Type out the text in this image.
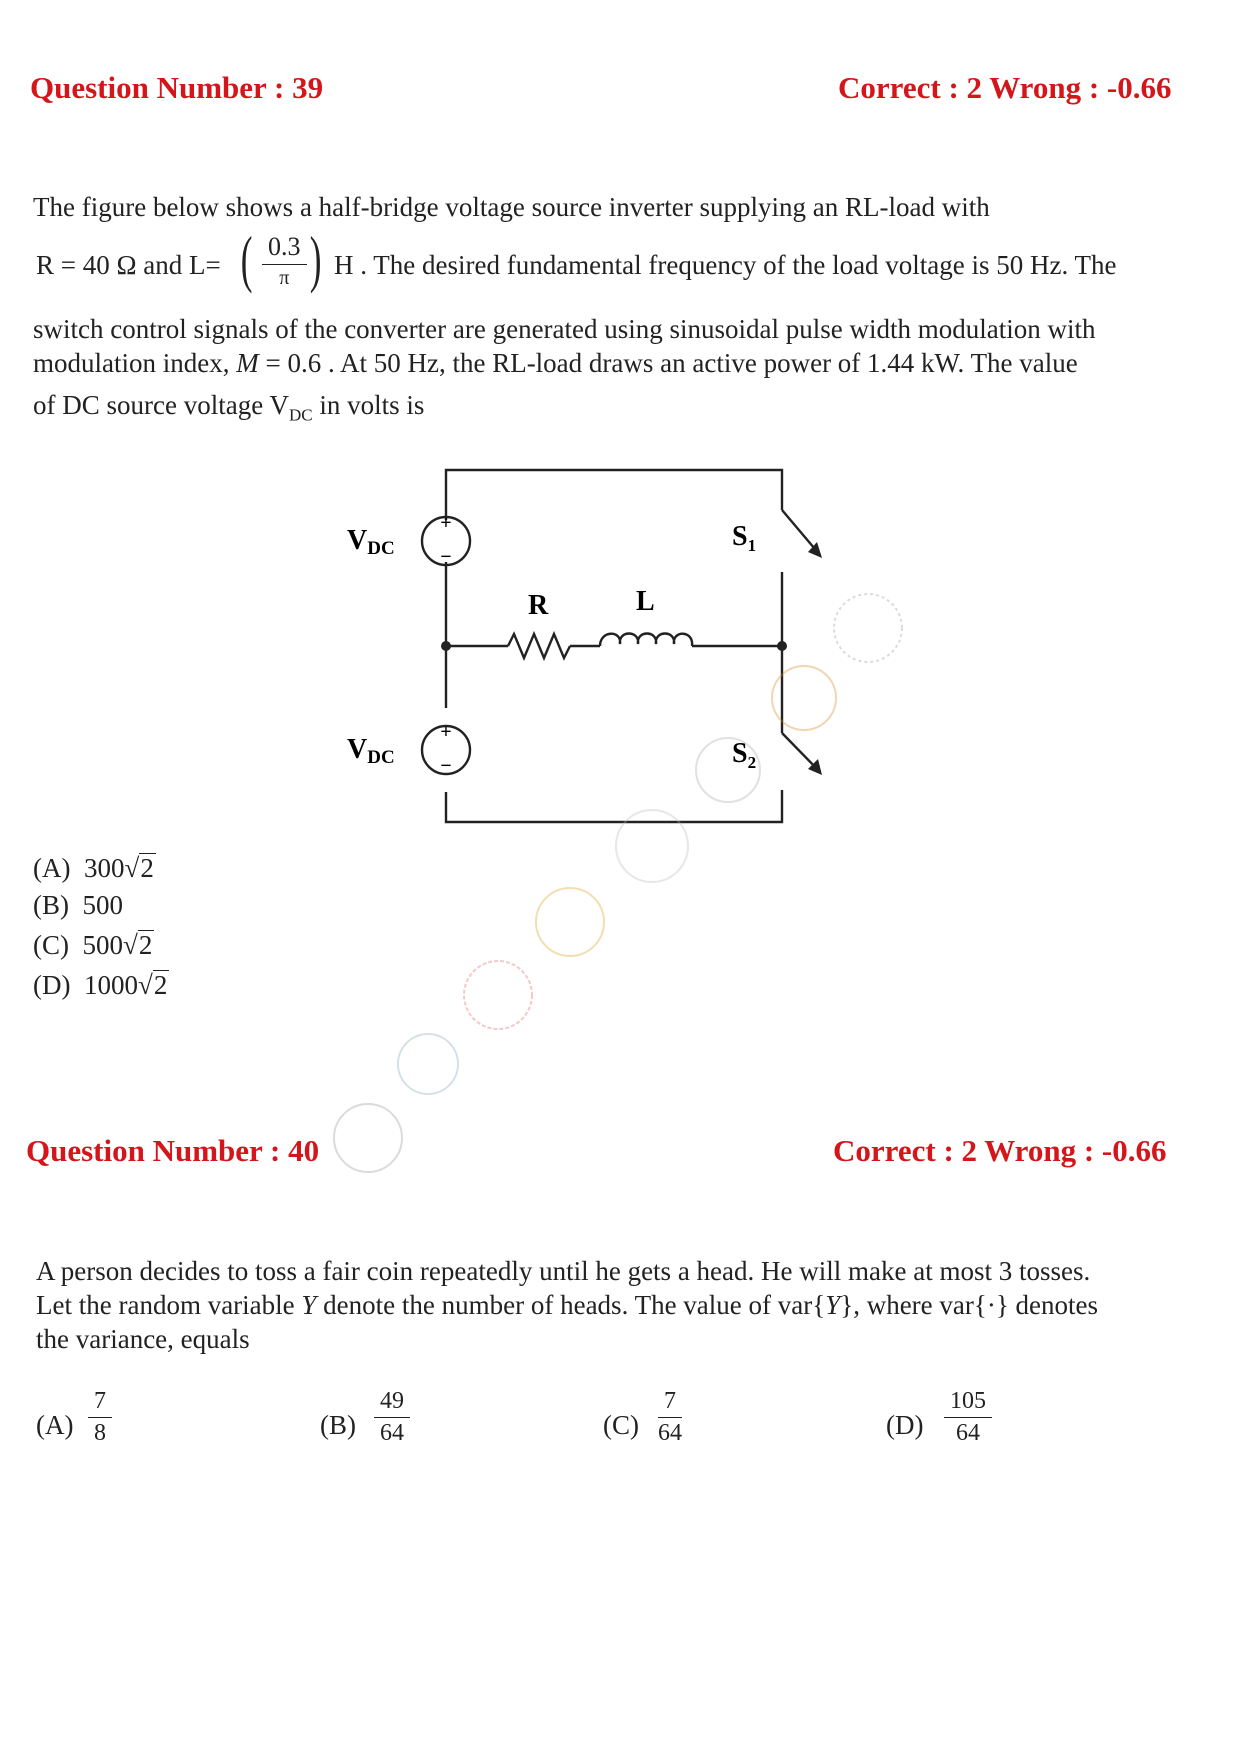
Question Number : 39	Correct : 2 Wrong : -0.66
The figure below shows a half-bridge voltage source inverter supplying an RL-load with
R = 40 Ω and L= ( 0.3
π ) H . The desired fundamental frequency of the load voltage is 50 Hz. The
switch control signals of the converter are generated using sinusoidal pulse width modulation with
modulation index, M = 0.6 . At 50 Hz, the RL-load draws an active power of 1.44 kW. The value
of DC source voltage $V_{DC}$ in volts is
+
−
+
−
VDC
VDC
R	L
$S_1$
$S_2$
(A) 300√2
(B) 500
(C) 500√2
(D) 1000√2
Question Number : 40	Correct : 2 Wrong : -0.66
A person decides to toss a fair coin repeatedly until he gets a head. He will make at most 3 tosses.
Let the random variable Y denote the number of heads. The value of var{Y}, where var{·} denotes
the variance, equals
$(A) \frac{7}{8}$	$(B) \frac{49}{64}$	$(C) \frac{7}{64}$	$(D) \frac{105}{64}$
